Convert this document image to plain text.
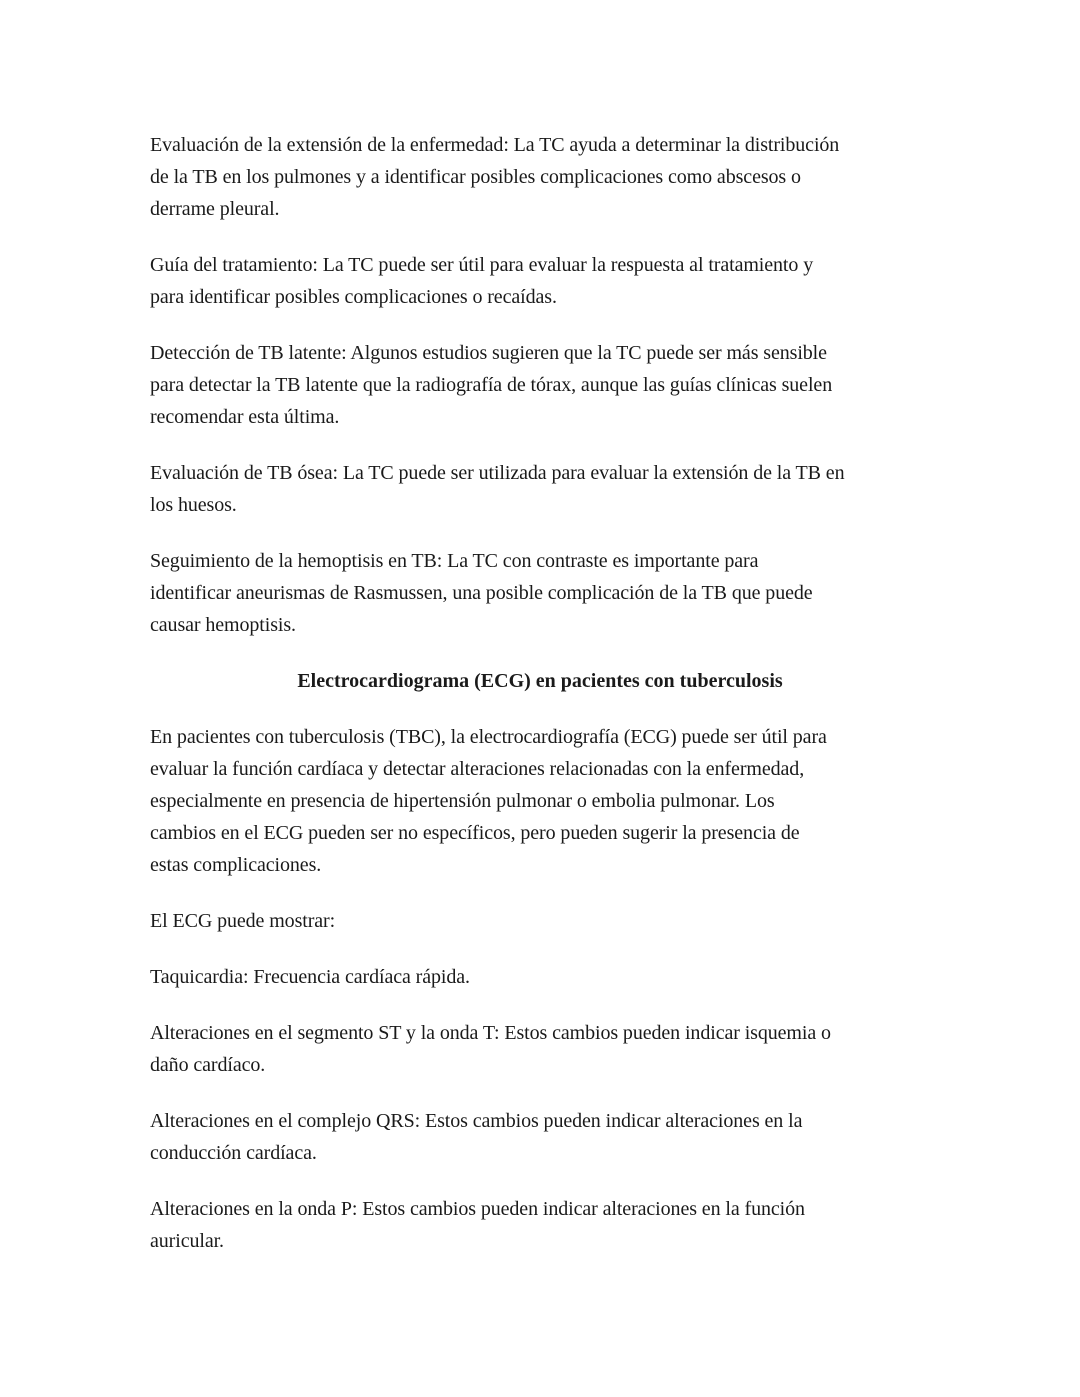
Evaluación de la extensión de la enfermedad: La TC ayuda a determinar la distribución
de la TB en los pulmones y a identificar posibles complicaciones como abscesos o
derrame pleural.

Guía del tratamiento: La TC puede ser útil para evaluar la respuesta al tratamiento y
para identificar posibles complicaciones o recaídas.

Detección de TB latente: Algunos estudios sugieren que la TC puede ser más sensible
para detectar la TB latente que la radiografía de tórax, aunque las guías clínicas suelen
recomendar esta última.

Evaluación de TB ósea: La TC puede ser utilizada para evaluar la extensión de la TB en
los huesos.

Seguimiento de la hemoptisis en TB: La TC con contraste es importante para
identificar aneurismas de Rasmussen, una posible complicación de la TB que puede
causar hemoptisis.

Electrocardiograma (ECG) en pacientes con tuberculosis

En pacientes con tuberculosis (TBC), la electrocardiografía (ECG) puede ser útil para
evaluar la función cardíaca y detectar alteraciones relacionadas con la enfermedad,
especialmente en presencia de hipertensión pulmonar o embolia pulmonar. Los
cambios en el ECG pueden ser no específicos, pero pueden sugerir la presencia de
estas complicaciones.

El ECG puede mostrar:

Taquicardia: Frecuencia cardíaca rápida.

Alteraciones en el segmento ST y la onda T: Estos cambios pueden indicar isquemia o
daño cardíaco.

Alteraciones en el complejo QRS: Estos cambios pueden indicar alteraciones en la
conducción cardíaca.

Alteraciones en la onda P: Estos cambios pueden indicar alteraciones en la función
auricular.
